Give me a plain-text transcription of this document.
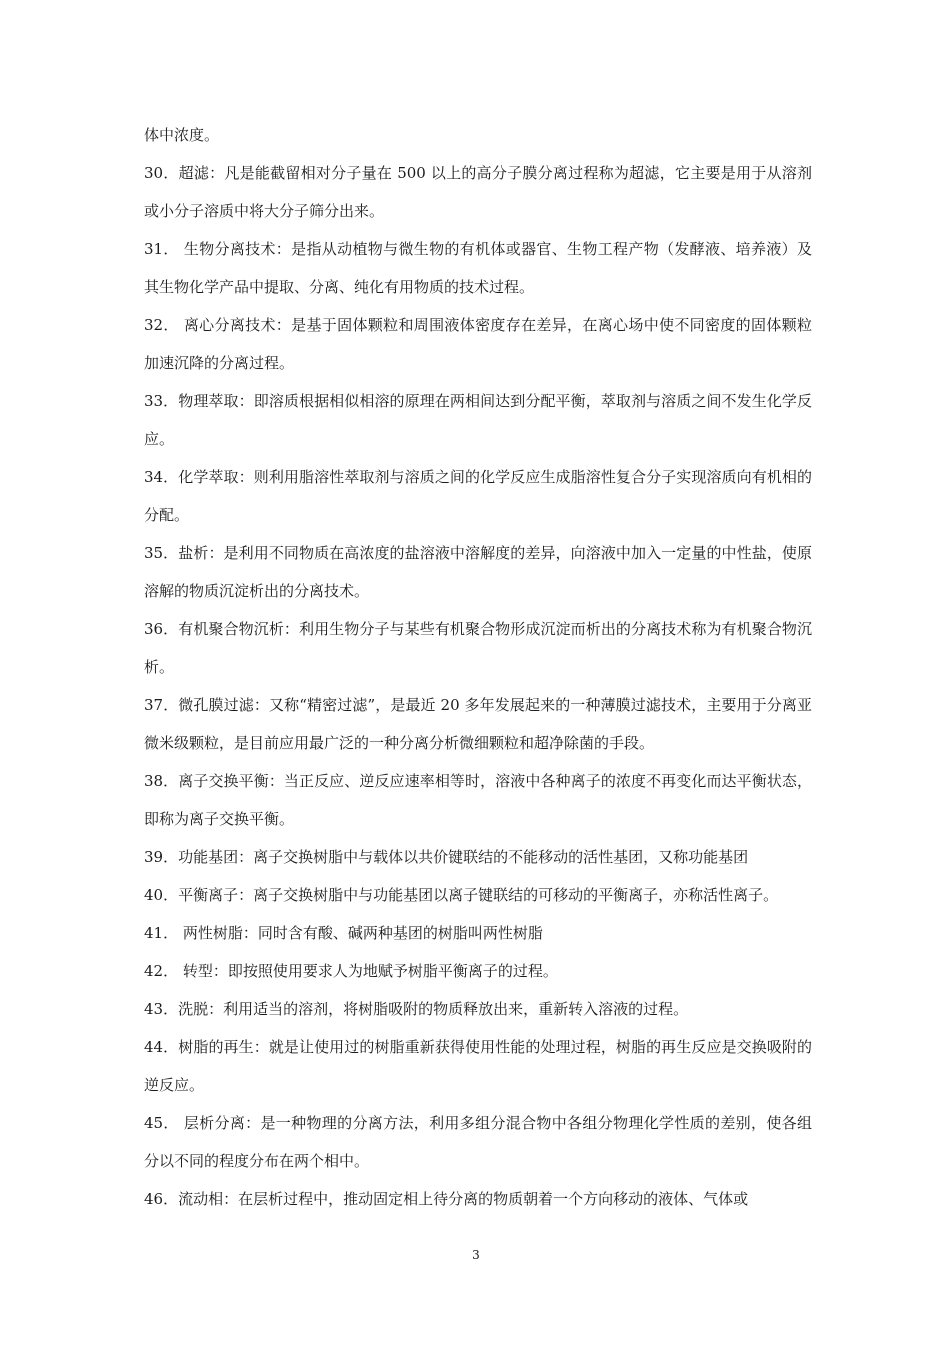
体中浓度。

30．超滤：凡是能截留相对分子量在 500 以上的高分子膜分离过程称为超滤，它主要是用于从溶剂或小分子溶质中将大分子筛分出来。

31． 生物分离技术：是指从动植物与微生物的有机体或器官、生物工程产物（发酵液、培养液）及其生物化学产品中提取、分离、纯化有用物质的技术过程。

32． 离心分离技术：是基于固体颗粒和周围液体密度存在差异，在离心场中使不同密度的固体颗粒加速沉降的分离过程。

33．物理萃取：即溶质根据相似相溶的原理在两相间达到分配平衡，萃取剂与溶质之间不发生化学反应。

34．化学萃取：则利用脂溶性萃取剂与溶质之间的化学反应生成脂溶性复合分子实现溶质向有机相的分配。

35．盐析：是利用不同物质在高浓度的盐溶液中溶解度的差异，向溶液中加入一定量的中性盐，使原溶解的物质沉淀析出的分离技术。

36．有机聚合物沉析：利用生物分子与某些有机聚合物形成沉淀而析出的分离技术称为有机聚合物沉析。

37．微孔膜过滤：又称“精密过滤”，是最近 20 多年发展起来的一种薄膜过滤技术，主要用于分离亚微米级颗粒，是目前应用最广泛的一种分离分析微细颗粒和超净除菌的手段。

38．离子交换平衡：当正反应、逆反应速率相等时，溶液中各种离子的浓度不再变化而达平衡状态，即称为离子交换平衡。

39．功能基团：离子交换树脂中与载体以共价键联结的不能移动的活性基团，又称功能基团

40．平衡离子：离子交换树脂中与功能基团以离子键联结的可移动的平衡离子，亦称活性离子。

41． 两性树脂：同时含有酸、碱两种基团的树脂叫两性树脂

42． 转型：即按照使用要求人为地赋予树脂平衡离子的过程。

43．洗脱：利用适当的溶剂，将树脂吸附的物质释放出来，重新转入溶液的过程。

44．树脂的再生：就是让使用过的树脂重新获得使用性能的处理过程，树脂的再生反应是交换吸附的逆反应。

45． 层析分离：是一种物理的分离方法，利用多组分混合物中各组分物理化学性质的差别，使各组分以不同的程度分布在两个相中。

46．流动相：在层析过程中，推动固定相上待分离的物质朝着一个方向移动的液体、气体或

3
